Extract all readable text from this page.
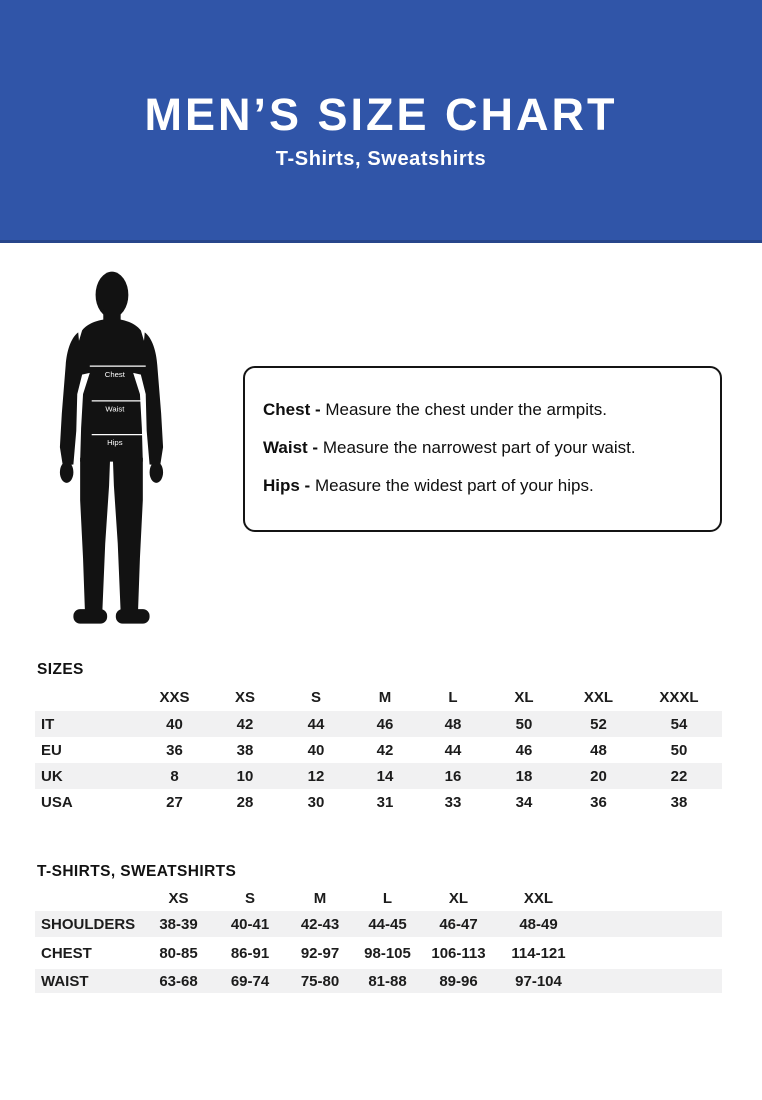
MEN’S SIZE CHART

T-Shirts, Sweatshirts

Chest
Waist
Hips

Chest - Measure the chest under the armpits.

Waist - Measure the narrowest part of your waist.

Hips - Measure the widest part of your hips.

SIZES
	XXS	XS	S	M	L	XL	XXL	XXXL
IT	40	42	44	46	48	50	52	54
EU	36	38	40	42	44	46	48	50
UK	8	10	12	14	16	18	20	22
USA	27	28	30	31	33	34	36	38
T-SHIRTS, SWEATSHIRTS
	XS	S	M	L	XL	XXL	
SHOULDERS	38-39	40-41	42-43	44-45	46-47	48-49	
CHEST	80-85	86-91	92-97	98-105	106-113	114-121	
WAIST	63-68	69-74	75-80	81-88	89-96	97-104	
